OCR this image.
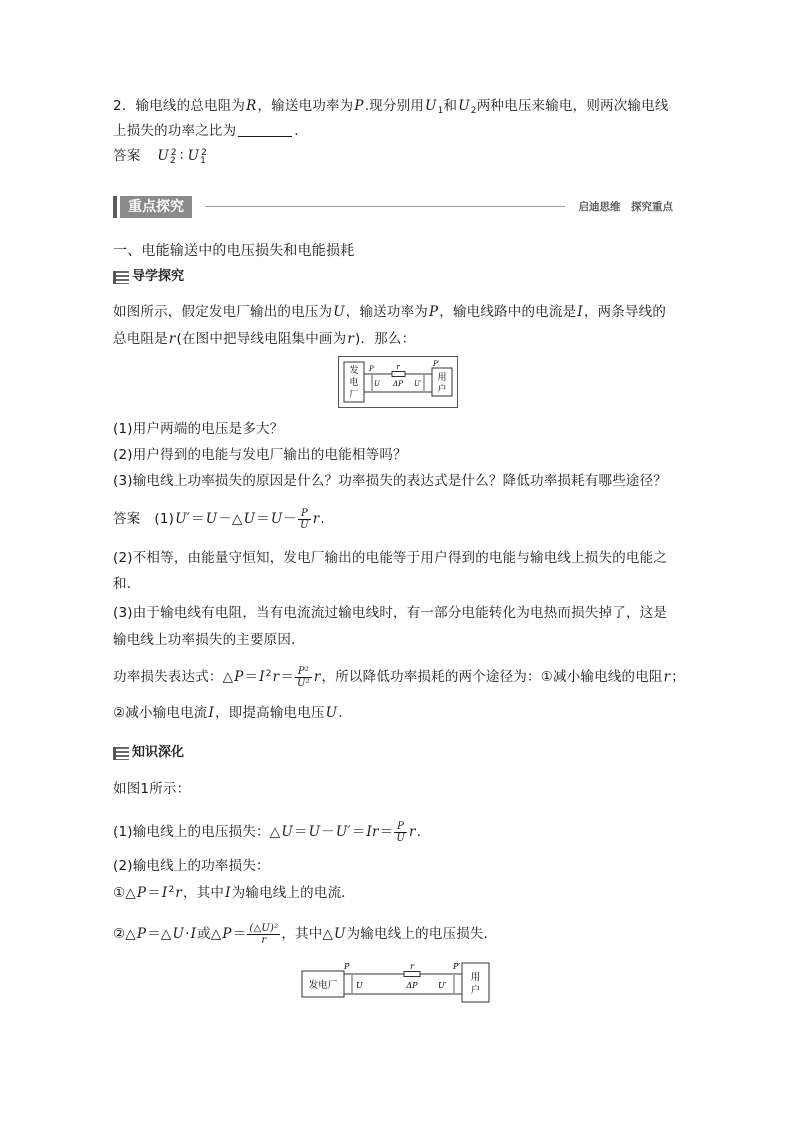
2．输电线的总电阻为R，输送电功率为P.现分别用$U_1$和$U_2$两种电压来输电，则两次输电线
上损失的功率之比为	．
答案 $U_2^2$ ∶ $U_1^2$
重点探究	启迪思维　探究重点
一、电能输送中的电压损失和电能损耗
导学探究
如图所示，假定发电厂输出的电压为U，输送功率为P，输电线路中的电流是I，两条导线的
总电阻是r(在图中把导线电阻集中画为r)．那么：
发
电
厂
用
户
P
U
r
ΔP
P′
U′
(1)用户两端的电压是多大？
(2)用户得到的电能与发电厂输出的电能相等吗？
(3)输电线上功率损失的原因是什么？功率损失的表达式是什么？降低功率损耗有哪些途径？
答案 (1)U′＝U－△U＝U－ $\frac{P}{U} r$.
(2)不相等，由能量守恒知，发电厂输出的电能等于用户得到的电能与输电线上损失的电能之
和．
(3)由于输电线有电阻，当有电流流过输电线时，有一部分电能转化为电热而损失掉了，这是
输电线上功率损失的主要原因．
功率损失表达式：$\triangle P=I^2r= \frac{\text{P²}}{\text{U²}}$ r，所以降低功率损耗的两个途径为：①减小输电线的电阻r；
②减小输电电流I，即提高输电电压U.
知识深化
如图1所示：
(1)输电线上的电压损失：△U＝U－U′＝Ir＝ $\frac{P}{U} r$.
(2)输电线上的功率损失：
$①\triangle P=I^2r$，其中I为输电线上的电流．
②△P＝△U·I或△P＝ $\frac{\text{(△U)²}}{r}$ ，其中△U为输电线上的电压损失．
发电厂
用
户
P
U
r
ΔP
P′
U′
